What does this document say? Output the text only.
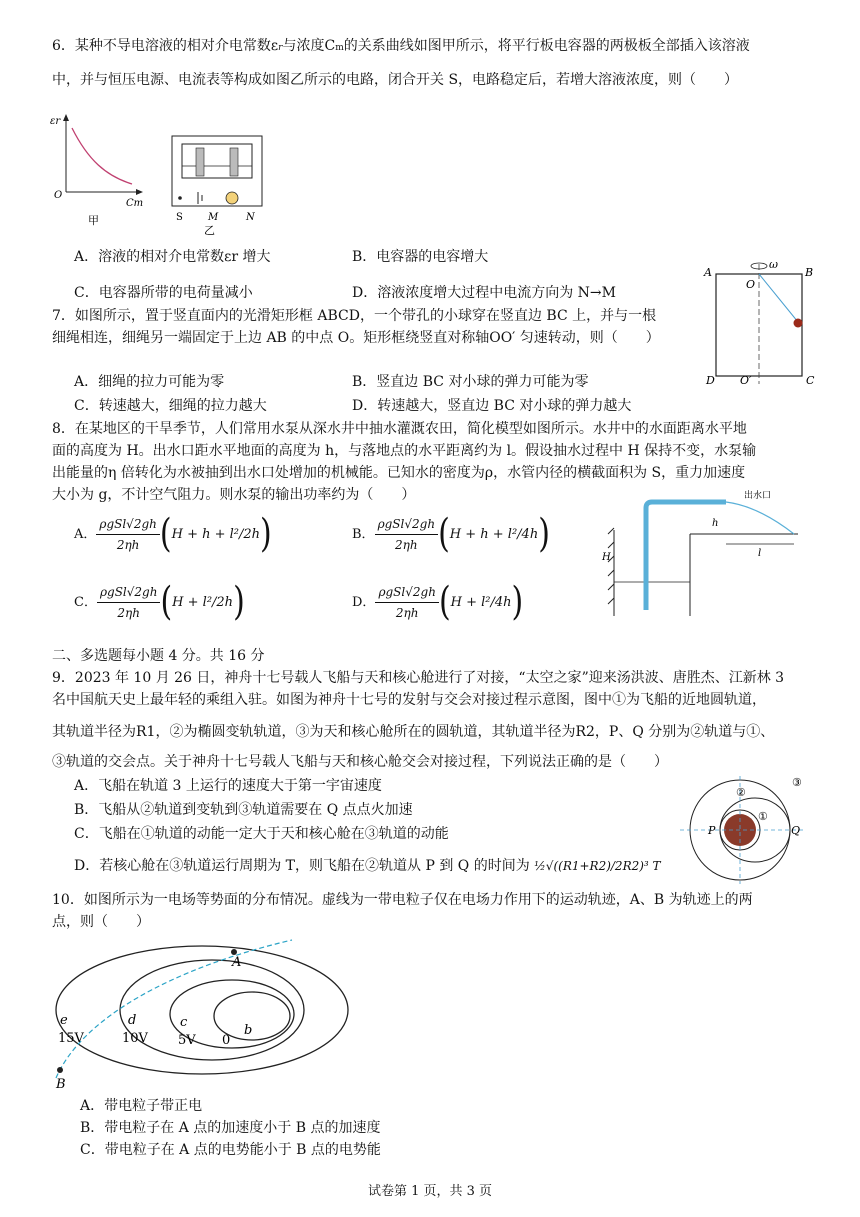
6．某种不导电溶液的相对介电常数εr与浓度Cm的关系曲线如图甲所示，将平行板电容器的两极板全部插入该溶液
中，并与恒压电源、电流表等构成如图乙所示的电路，闭合开关 S，电路稳定后，若增大溶液浓度，则（　　）
εr
O
Cm
甲	S	M	N
乙
A．溶液的相对介电常数εr 增大	B．电容器的电容增大
C．电容器所带的电荷量减小	D．溶液浓度增大过程中电流方向为 N→M
7．如图所示，置于竖直面内的光滑矩形框 ABCD，一个带孔的小球穿在竖直边 BC 上，并与一根
细绳相连，细绳另一端固定于上边 AB 的中点 O。矩形框绕竖直对称轴OO′ 匀速转动，则（　　）
A	B
O
ω
D O′	C
A．细绳的拉力可能为零	B．竖直边 BC 对小球的弹力可能为零
C．转速越大，细绳的拉力越大	D．转速越大，竖直边 BC 对小球的弹力越大
8．在某地区的干旱季节，人们常用水泵从深水井中抽水灌溉农田，简化模型如图所示。水井中的水面距离水平地
面的高度为 H。出水口距水平地面的高度为 h，与落地点的水平距离约为 l。假设抽水过程中 H 保持不变，水泵输
出能量的η 倍转化为水被抽到出水口处增加的机械能。已知水的密度为ρ，水管内径的横截面积为 S，重力加速度
大小为 g，不计空气阻力。则水泵的输出功率约为（　　）
A． $\frac{\text{ρgSl√2gh}}{2\eta h}$ ( H + h + l²/2h )	B． $\frac{\text{ρgSl√2gh}}{2\eta h}$ ( H + h + l²/4h )
C． $\frac{\text{ρgSl√2gh}}{2\eta h}$ ( H + l²/2h )	D． $\frac{\text{ρgSl√2gh}}{2\eta h}$ ( H + l²/4h )
出水口
H
h
l
二、多选题每小题 4 分。共 16 分
9．2023 年 10 月 26 日，神舟十七号载人飞船与天和核心舱进行了对接，“太空之家”迎来汤洪波、唐胜杰、江新林 3
名中国航天史上最年轻的乘组入驻。如图为神舟十七号的发射与交会对接过程示意图，图中①为飞船的近地圆轨道，
其轨道半径为R1，②为椭圆变轨轨道，③为天和核心舱所在的圆轨道，其轨道半径为R2，P、Q 分别为②轨道与①、
③轨道的交会点。关于神舟十七号载人飞船与天和核心舱交会对接过程，下列说法正确的是（　　）
A．飞船在轨道 3 上运行的速度大于第一宇宙速度
B．飞船从②轨道到变轨到③轨道需要在 Q 点点火加速
C．飞船在①轨道的动能一定大于天和核心舱在③轨道的动能
D．若核心舱在③轨道运行周期为 T，则飞船在②轨道从 P 到 Q 的时间为 ½√((R1+R2)/2R2)³ T
P	Q
①
②
③
10．如图所示为一电场等势面的分布情况。虚线为一带电粒子仅在电场力作用下的运动轨迹，A、B 为轨迹上的两
点，则（　　）
A
B
e
15V
d
10V
c
5V
b
0
A．带电粒子带正电
B．带电粒子在 A 点的加速度小于 B 点的加速度
C．带电粒子在 A 点的电势能小于 B 点的电势能
试卷第 1 页，共 3 页
